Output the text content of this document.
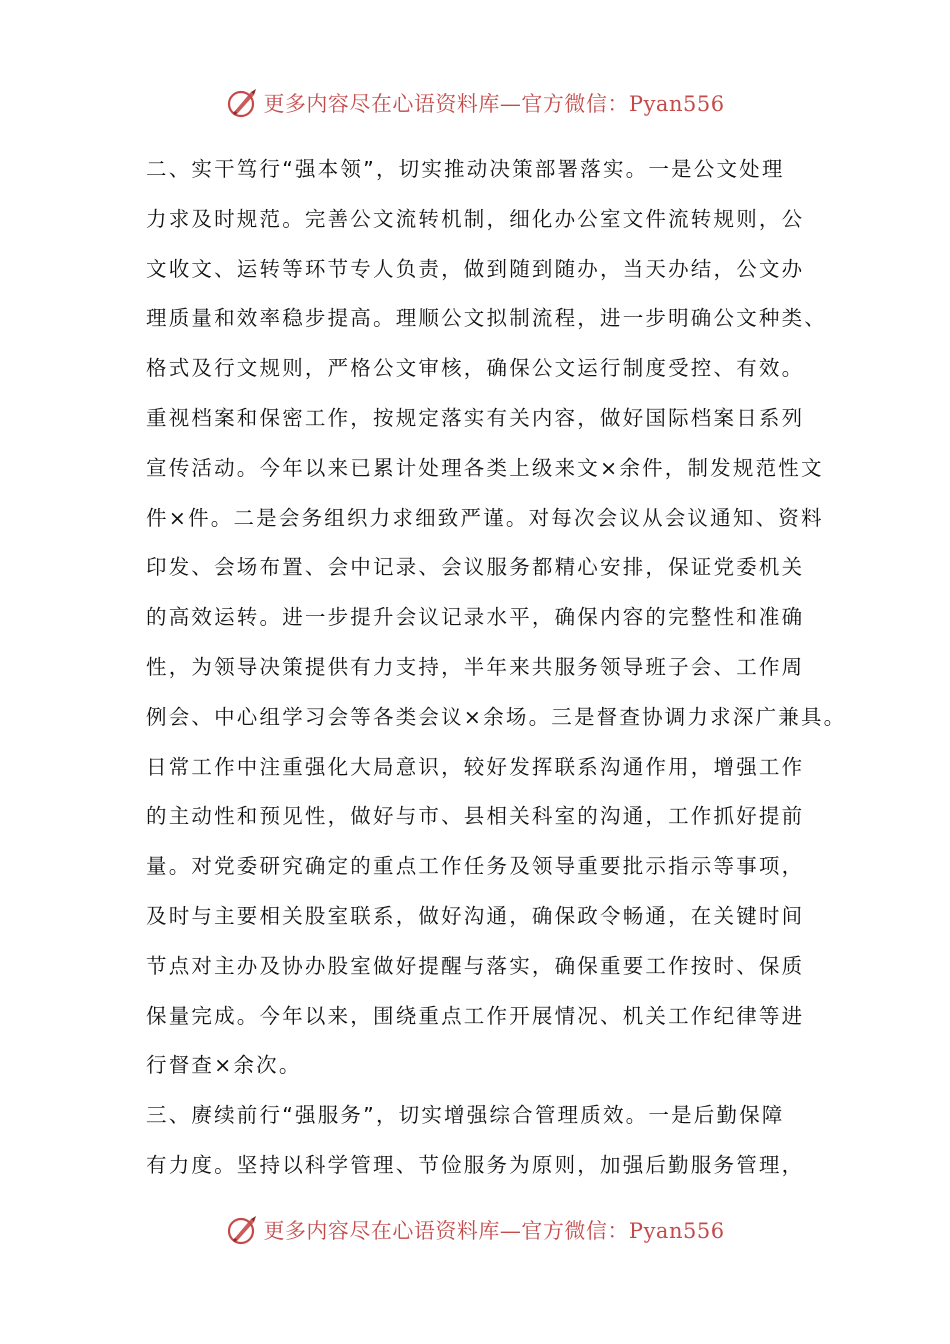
更多内容尽在心语资料库—官方微信：Pyan556
二、实干笃行“强本领”，切实推动决策部署落实。一是公文处理
力求及时规范。完善公文流转机制，细化办公室文件流转规则，公
文收文、运转等环节专人负责，做到随到随办，当天办结，公文办
理质量和效率稳步提高。理顺公文拟制流程，进一步明确公文种类、
格式及行文规则，严格公文审核，确保公文运行制度受控、有效。
重视档案和保密工作，按规定落实有关内容，做好国际档案日系列
宣传活动。今年以来已累计处理各类上级来文×余件，制发规范性文
件×件。二是会务组织力求细致严谨。对每次会议从会议通知、资料
印发、会场布置、会中记录、会议服务都精心安排，保证党委机关
的高效运转。进一步提升会议记录水平，确保内容的完整性和准确
性，为领导决策提供有力支持，半年来共服务领导班子会、工作周
例会、中心组学习会等各类会议×余场。三是督查协调力求深广兼具。
日常工作中注重强化大局意识，较好发挥联系沟通作用，增强工作
的主动性和预见性，做好与市、县相关科室的沟通，工作抓好提前
量。对党委研究确定的重点工作任务及领导重要批示指示等事项，
及时与主要相关股室联系，做好沟通，确保政令畅通，在关键时间
节点对主办及协办股室做好提醒与落实，确保重要工作按时、保质
保量完成。今年以来，围绕重点工作开展情况、机关工作纪律等进
行督查×余次。
三、赓续前行“强服务”，切实增强综合管理质效。一是后勤保障
有力度。坚持以科学管理、节俭服务为原则，加强后勤服务管理，
更多内容尽在心语资料库—官方微信：Pyan556
